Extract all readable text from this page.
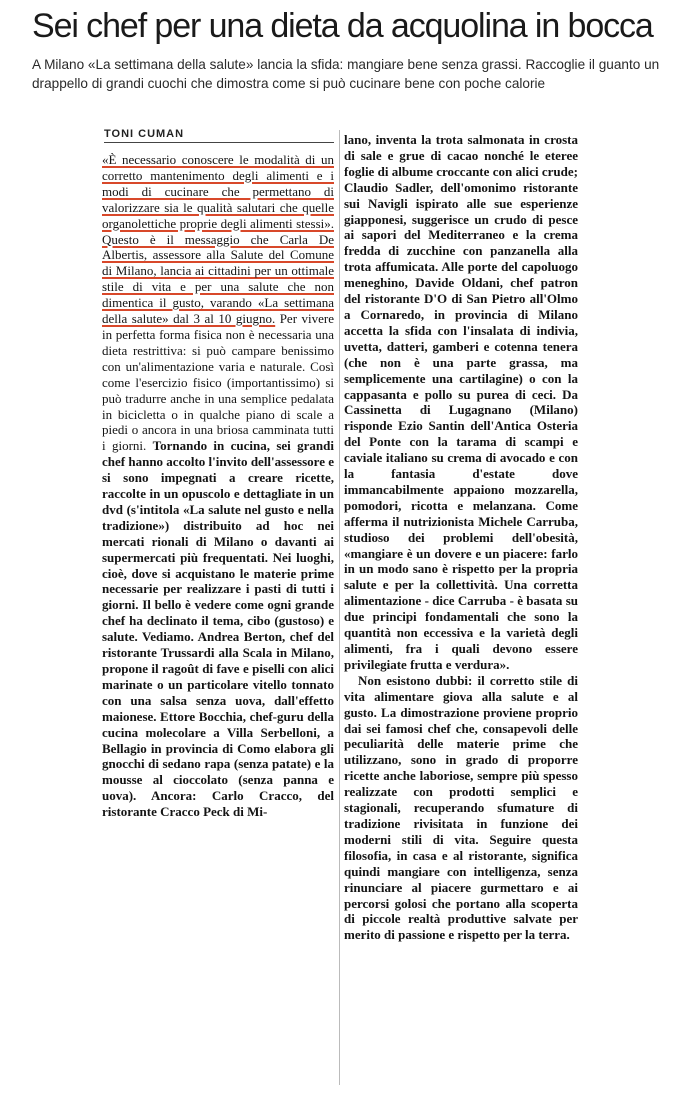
Sei chef per una dieta da acquolina in bocca
A Milano «La settimana della salute» lancia la sfida: mangiare bene senza grassi. Raccoglie il guanto un drappello di grandi cuochi che dimostra come si può cucinare bene con poche calorie
TONI CUMAN

«È necessario conoscere le modalità di un corretto mantenimento degli alimenti e i modi di cucinare che permettano di valorizzare sia le qualità salutari che quelle organolettiche proprie degli alimenti stessi». Questo è il messaggio che Carla De Albertis, assessore alla Salute del Comune di Milano, lancia ai cittadini per un ottimale stile di vita e per una salute che non dimentica il gusto, varando «La settimana della salute» dal 3 al 10 giugno. Per vivere in perfetta forma fisica non è necessaria una dieta restrittiva: si può campare benissimo con un'alimentazione varia e naturale. Così come l'esercizio fisico (importantissimo) si può tradurre anche in una semplice pedalata in bicicletta o in qualche piano di scale a piedi o ancora in una briosa camminata tutti i giorni. Tornando in cucina, sei grandi chef hanno accolto l'invito dell'assessore e si sono impegnati a creare ricette, raccolte in un opuscolo e dettagliate in un dvd (s'intitola «La salute nel gusto e nella tradizione») distribuito ad hoc nei mercati rionali di Milano o davanti ai supermercati più frequentati. Nei luoghi, cioè, dove si acquistano le materie prime necessarie per realizzare i pasti di tutti i giorni. Il bello è vedere come ogni grande chef ha declinato il tema, cibo (gustoso) e salute. Vediamo. Andrea Berton, chef del ristorante Trussardi alla Scala in Milano, propone il ragoût di fave e piselli con alici marinate o un particolare vitello tonnato con una salsa senza uova, dall'effetto maionese. Ettore Bocchia, chef-guru della cucina molecolare a Villa Serbelloni, a Bellagio in provincia di Como elabora gli gnocchi di sedano rapa (senza patate) e la mousse al cioccolato (senza panna e uova). Ancora: Carlo Cracco, del ristorante Cracco Peck di Mi-

lano, inventa la trota salmonata in crosta di sale e grue di cacao nonché le eteree foglie di albume croccante con alici crude; Claudio Sadler, dell'omonimo ristorante sui Navigli ispirato alle sue esperienze giapponesi, suggerisce un crudo di pesce ai sapori del Mediterraneo e la crema fredda di zucchine con panzanella alla trota affumicata. Alle porte del capoluogo meneghino, Davide Oldani, chef patron del ristorante D'O di San Pietro all'Olmo a Cornaredo, in provincia di Milano accetta la sfida con l'insalata di indivia, uvetta, datteri, gamberi e cotenna tenera (che non è una parte grassa, ma semplicemente una cartilagine) o con la cappasanta e pollo su purea di ceci. Da Cassinetta di Lugagnano (Milano) risponde Ezio Santin dell'Antica Osteria del Ponte con la tarama di scampi e caviale italiano su crema di avocado e con la fantasia d'estate dove immancabilmente appaiono mozzarella, pomodori, ricotta e melanzana. Come afferma il nutrizionista Michele Carruba, studioso dei problemi dell'obesità, «mangiare è un dovere e un piacere: farlo in un modo sano è rispetto per la propria salute e per la collettività. Una corretta alimentazione - dice Carruba - è basata su due principi fondamentali che sono la quantità non eccessiva e la varietà degli alimenti, fra i quali devono essere privilegiate frutta e verdura».

Non esistono dubbi: il corretto stile di vita alimentare giova alla salute e al gusto. La dimostrazione proviene proprio dai sei famosi chef che, consapevoli delle peculiarità delle materie prime che utilizzano, sono in grado di proporre ricette anche laboriose, sempre più spesso realizzate con prodotti semplici e stagionali, recuperando sfumature di tradizione rivisitata in funzione dei moderni stili di vita. Seguire questa filosofia, in casa e al ristorante, significa quindi mangiare con intelligenza, senza rinunciare al piacere gurmettaro e ai percorsi golosi che portano alla scoperta di piccole realtà produttive salvate per merito di passione e rispetto per la terra.
